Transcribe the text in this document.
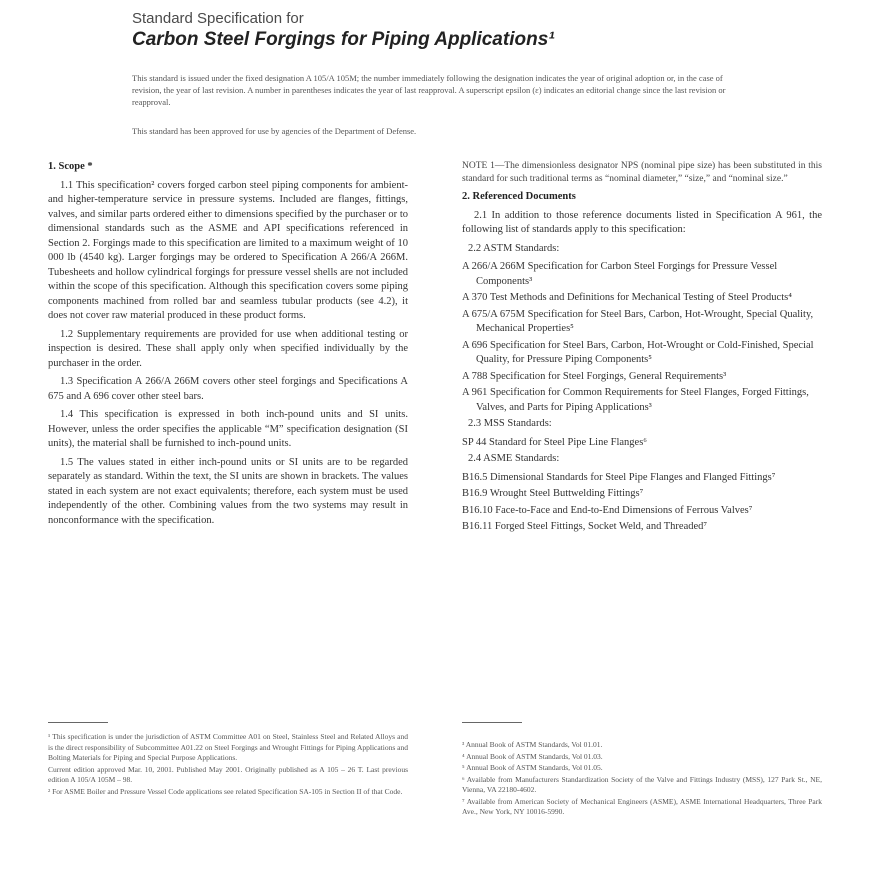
Standard Specification for

Carbon Steel Forgings for Piping Applications¹

This standard is issued under the fixed designation A 105/A 105M; the number immediately following the designation indicates the year of original adoption or, in the case of revision, the year of last revision. A number in parentheses indicates the year of last reapproval. A superscript epsilon (ε) indicates an editorial change since the last revision or reapproval.

This standard has been approved for use by agencies of the Department of Defense.

1. Scope *

1.1 This specification² covers forged carbon steel piping components for ambient- and higher-temperature service in pressure systems. Included are flanges, fittings, valves, and similar parts ordered either to dimensions specified by the purchaser or to dimensional standards such as the ASME and API specifications referenced in Section 2. Forgings made to this specification are limited to a maximum weight of 10 000 lb (4540 kg). Larger forgings may be ordered to Specification A 266/A 266M. Tubesheets and hollow cylindrical forgings for pressure vessel shells are not included within the scope of this specification. Although this specification covers some piping components machined from rolled bar and seamless tubular products (see 4.2), it does not cover raw material produced in these product forms.

1.2 Supplementary requirements are provided for use when additional testing or inspection is desired. These shall apply only when specified individually by the purchaser in the order.

1.3 Specification A 266/A 266M covers other steel forgings and Specifications A 675 and A 696 cover other steel bars.

1.4 This specification is expressed in both inch-pound units and SI units. However, unless the order specifies the applicable “M” specification designation (SI units), the material shall be furnished to inch-pound units.

1.5 The values stated in either inch-pound units or SI units are to be regarded separately as standard. Within the text, the SI units are shown in brackets. The values stated in each system are not exact equivalents; therefore, each system must be used independently of the other. Combining values from the two systems may result in nonconformance with the specification.

NOTE 1—The dimensionless designator NPS (nominal pipe size) has been substituted in this standard for such traditional terms as “nominal diameter,” “size,” and “nominal size.”

2. Referenced Documents

2.1 In addition to those reference documents listed in Specification A 961, the following list of standards apply to this specification:

2.2 ASTM Standards:

A 266/A 266M Specification for Carbon Steel Forgings for Pressure Vessel Components³
A 370 Test Methods and Definitions for Mechanical Testing of Steel Products⁴
A 675/A 675M Specification for Steel Bars, Carbon, Hot-Wrought, Special Quality, Mechanical Properties⁵
A 696 Specification for Steel Bars, Carbon, Hot-Wrought or Cold-Finished, Special Quality, for Pressure Piping Components⁵
A 788 Specification for Steel Forgings, General Requirements³
A 961 Specification for Common Requirements for Steel Flanges, Forged Fittings, Valves, and Parts for Piping Applications³

2.3 MSS Standards:

SP 44 Standard for Steel Pipe Line Flanges⁶

2.4 ASME Standards:

B16.5 Dimensional Standards for Steel Pipe Flanges and Flanged Fittings⁷
B16.9 Wrought Steel Buttwelding Fittings⁷
B16.10 Face-to-Face and End-to-End Dimensions of Ferrous Valves⁷
B16.11 Forged Steel Fittings, Socket Weld, and Threaded⁷

¹ This specification is under the jurisdiction of ASTM Committee A01 on Steel, Stainless Steel and Related Alloys and is the direct responsibility of Subcommittee A01.22 on Steel Forgings and Wrought Fittings for Piping Applications and Bolting Materials for Piping and Special Purpose Applications.

Current edition approved Mar. 10, 2001. Published May 2001. Originally published as A 105 – 26 T. Last previous edition A 105/A 105M – 98.

² For ASME Boiler and Pressure Vessel Code applications see related Specification SA-105 in Section II of that Code.

³ Annual Book of ASTM Standards, Vol 01.01.

⁴ Annual Book of ASTM Standards, Vol 01.03.

⁵ Annual Book of ASTM Standards, Vol 01.05.

⁶ Available from Manufacturers Standardization Society of the Valve and Fittings Industry (MSS), 127 Park St., NE, Vienna, VA 22180-4602.

⁷ Available from American Society of Mechanical Engineers (ASME), ASME International Headquarters, Three Park Ave., New York, NY 10016-5990.
